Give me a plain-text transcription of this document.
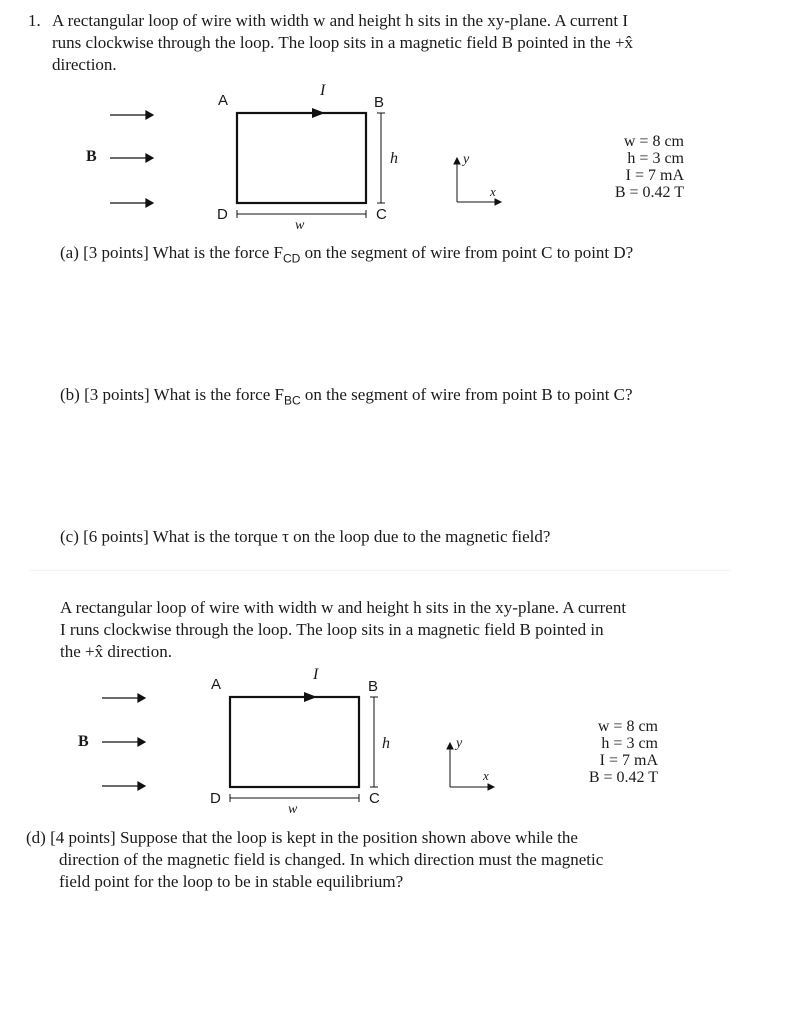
1. A rectangular loop of wire with width w and height h sits in the xy-plane. A current I
runs clockwise through the loop. The loop sits in a magnetic field B pointed in the +x̂
direction.
B
A	B
C
D
I
h
w
y
x
w = 8 cm
h = 3 cm
I = 7 mA
B = 0.42 T
(a) [3 points] What is the force $F_{CD}$ on the segment of wire from point C to point D?
(b) [3 points] What is the force $F_{BC}$ on the segment of wire from point B to point C?
(c) [6 points] What is the torque τ on the loop due to the magnetic field?
A rectangular loop of wire with width w and height h sits in the xy-plane. A current
I runs clockwise through the loop. The loop sits in a magnetic field B pointed in
the +x̂ direction.
B
A	B
C
D
I
h
w
y
x
w = 8 cm
h = 3 cm
I = 7 mA
B = 0.42 T
(d) [4 points] Suppose that the loop is kept in the position shown above while the
direction of the magnetic field is changed. In which direction must the magnetic
field point for the loop to be in stable equilibrium?
